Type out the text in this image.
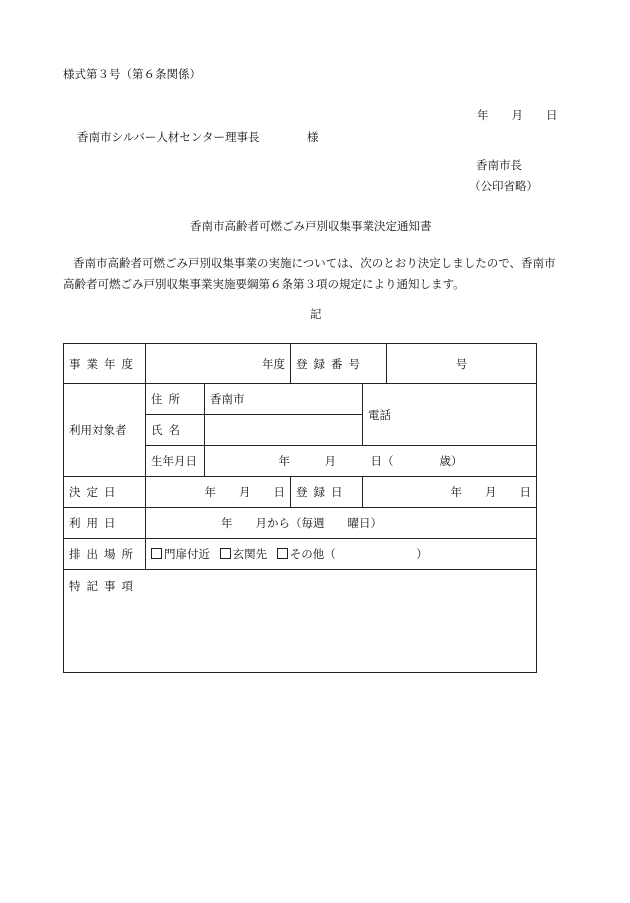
様式第３号（第６条関係）
年　　月　　日
香南市シルバー人材センター理事長	様
香南市長
（公印省略）
香南市高齢者可燃ごみ戸別収集事業決定通知書
香南市高齢者可燃ごみ戸別収集事業の実施については、次のとおり決定しましたので、香南市
高齢者可燃ごみ戸別収集事業実施要綱第６条第３項の規定により通知します。
記
事業年度	年度		登録番号		号
利用対象者	住所	香南市		電話	
	氏名				
	生年月日	年　　　月　　　日（　　　　歳）			
決定日	年　　月　　日		登録日	年　　月　　日	
利用日	年　　月から（毎週　　曜日）				
排出場所	門扉付近 玄関先 その他（　　　　　　　）				
特記事項					
